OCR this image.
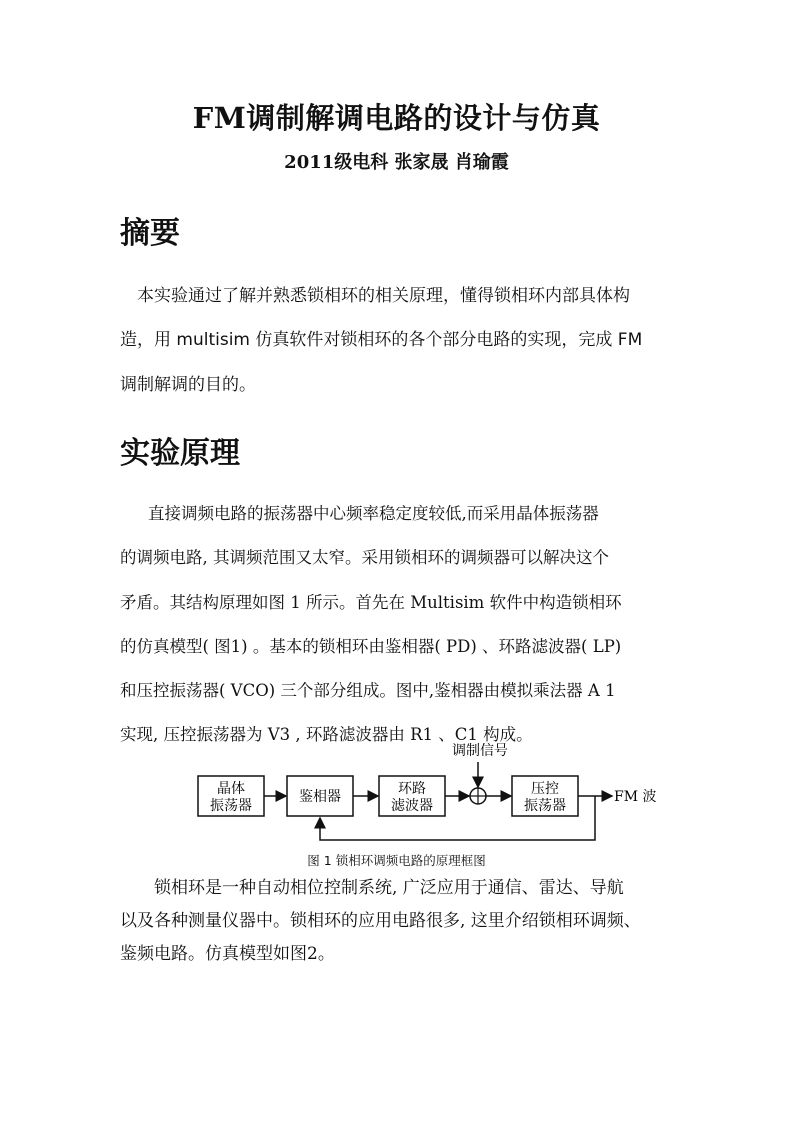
FM调制解调电路的设计与仿真
2011级电科 张家晟 肖瑜霞
摘要
本实验通过了解并熟悉锁相环的相关原理，懂得锁相环内部具体构
造，用 multisim 仿真软件对锁相环的各个部分电路的实现，完成 FM
调制解调的目的。
实验原理
直接调频电路的振荡器中心频率稳定度较低,而采用晶体振荡器
的调频电路, 其调频范围又太窄。采用锁相环的调频器可以解决这个
矛盾。其结构原理如图 1 所示。首先在 Multisim 软件中构造锁相环
的仿真模型( 图1) 。基本的锁相环由鉴相器( PD) 、环路滤波器( LP)
和压控振荡器( VCO) 三个部分组成。图中,鉴相器由模拟乘法器 A 1
实现, 压控振荡器为 V3 , 环路滤波器由 R1 、C1 构成。
晶体
振荡器
鉴相器	环路
滤波器
调制信号
压控
振荡器
FM 波
图 1 锁相环调频电路的原理框图
锁相环是一种自动相位控制系统, 广泛应用于通信、雷达、导航
以及各种测量仪器中。锁相环的应用电路很多, 这里介绍锁相环调频、
鉴频电路。仿真模型如图2。
